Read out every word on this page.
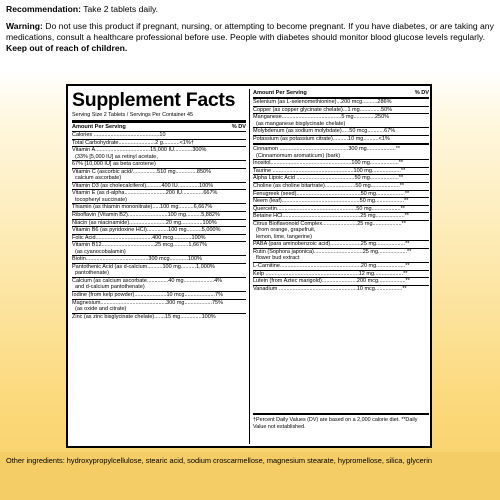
Recommendation: Take 2 tablets daily.

Warning: Do not use this product if pregnant, nursing, or attempting to become pregnant. If you have diabetes, or are taking any medications, consult a healthcare professional before use. People with diabetes should monitor blood glucose levels regularly. Keep out of reach of children.

Supplement Facts
Serving Size 2 Tablets / Servings Per Container 45
Amount Per Serving	% DV
Calories ...........................................10
Total Carbohydrate........................2 g...........<1%†
Vitamin A....................................15,000 IU............300%
(33% [5,000 IU] as retinyl acetate,
67% [10,000 IU] as beta carotene)
Vitamin C (ascorbic acid/................510 mg..............850%
calcium ascorbate)
Vitamin D3 (as cholecalciferol)..........400 IU..............100%
Vitamin E (as d-alpha...........................200 IU..............667%
tocopheryl succinate)
Thiamin (as thiamin mononitrate).....100 mg..........6,667%
Riboflavin (Vitamin B2)..........................100 mg..........5,882%
Niacin (as niacinamide)........................20 mg..............100%
Vitamin B6 (as pyridoxine HCl)..............100 mg..........5,000%
Folic Acid.....................................400 mcg............100%
Vitamin B12...................................25 mcg..........1,667%
(as cyanocobalamin)
Biotin.........................................300 mcg............100%
Pantothenic Acid (as d-calcium..........100 mg..........1,000%
pantothenate)
Calcium (as calcium ascorbate..............40 mg....................4%
and d-calcium pantothenate)
Iodine (from kelp powder).....................10 mcg....................7%
Magnesium...........................................300 mg..................75%
(as oxide and citrate)
Zinc (as zinc bisglycinate chelate).......15 mg..............100%
Amount Per Serving	% DV
Selenium (as L-selenomethionine)...200 mcg..........286%
Copper (as copper glycinate chelate)...1 mg..............50%
Manganese.......................................5 mg..............250%
(as manganese bisglycinate chelate)
Molybdenum (as sodium molybdate).....50 mcg...........67%
Potassium (as potassium citrate)..........10 mg..........<1%
Cinnamon .............................................300 mg...................**
(Cinnamomum aromaticum) (bark)
Inositol.....................................................100 mg...................**
Taurine .....................................................100 mg...................**
Alpha Lipoic Acid ......................................50 mg...................**
Choline (as choline bitartrate)....................50 mg...................**
Fenugreek (seed)..........................................50 mg...................**
Neem (leaf)...................................................50 mg...................**
Quercetin....................................................50 mg...................**
Betaine HCl...................................................25 mg...................**
Citrus Bioflavonoid Complex.......................25 mg...................**
(from orange, grapefruit,
lemon, lime, tangerine)
PABA (para aminobenzoic acid)....................25 mg...................**
Rutin (Sophora japonica)................................25 mg...................**
flower bud extract
L-Carnitine.....................................................20 mg...................**
Kelp .............................................................12 mg...................**
Lutein (from Aztec marigold).......................200 mcg..................**
Vanadium ...................................................10 mcg..................**
†Percent Daily Values (DV) are based on a 2,000 calorie diet. **Daily Value not established.
Other ingredients: hydroxypropylcellulose, stearic acid, sodium croscarmellose, magnesium stearate, hypromellose, silica, glycerin
